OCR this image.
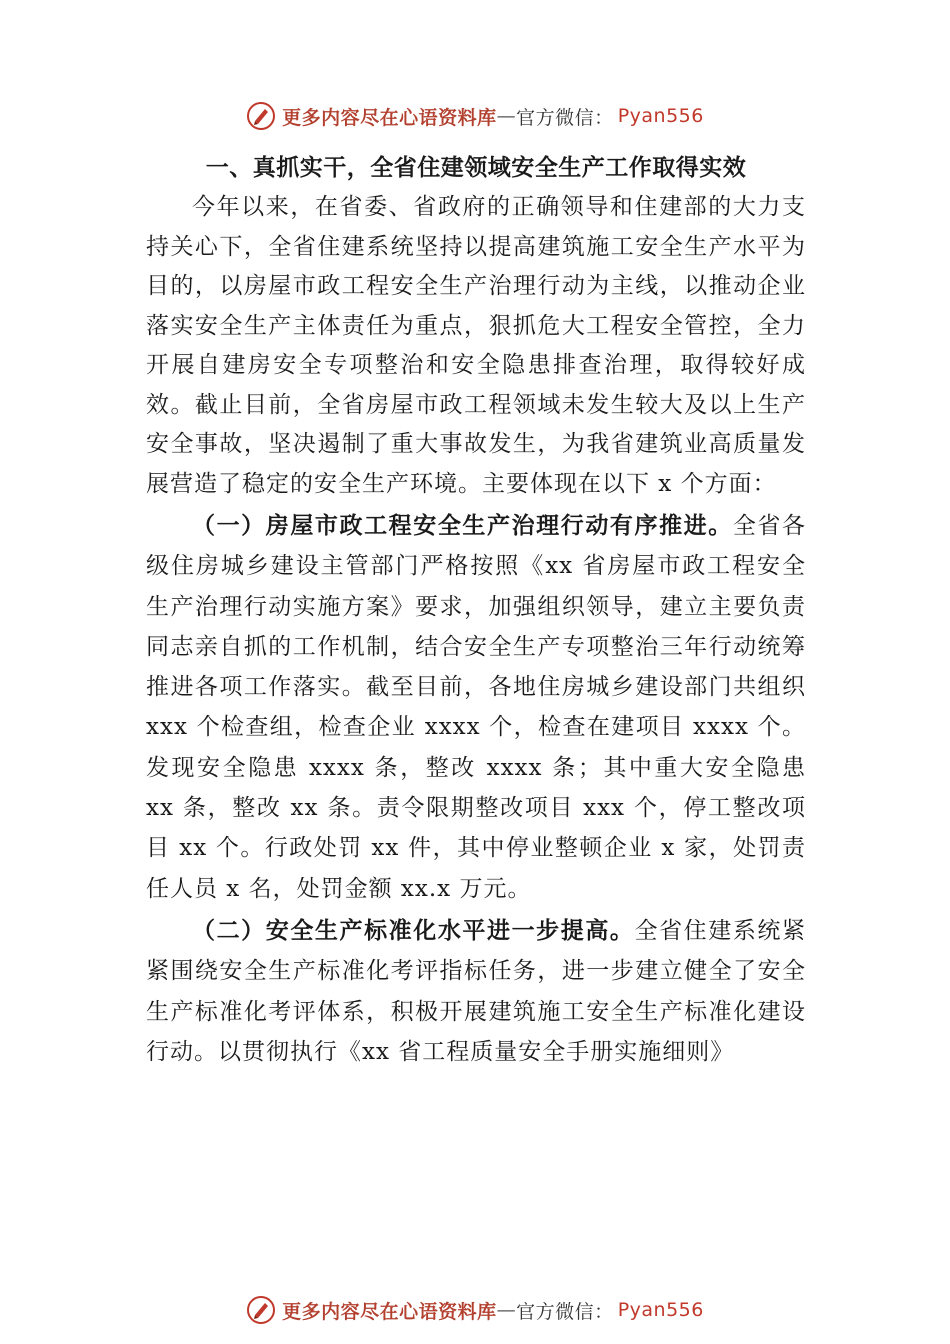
更多内容尽在心语资料库 — 官方微信： Pyan556
一、真抓实干，全省住建领域安全生产工作取得实效

今年以来，在省委、省政府的正确领导和住建部的大力支持关心下，全省住建系统坚持以提高建筑施工安全生产水平为目的，以房屋市政工程安全生产治理行动为主线，以推动企业落实安全生产主体责任为重点，狠抓危大工程安全管控，全力开展自建房安全专项整治和安全隐患排查治理，取得较好成效。截止目前，全省房屋市政工程领域未发生较大及以上生产安全事故，坚决遏制了重大事故发生，为我省建筑业高质量发展营造了稳定的安全生产环境。主要体现在以下 x 个方面：

（一）房屋市政工程安全生产治理行动有序推进。全省各级住房城乡建设主管部门严格按照《xx 省房屋市政工程安全生产治理行动实施方案》要求，加强组织领导，建立主要负责同志亲自抓的工作机制，结合安全生产专项整治三年行动统筹推进各项工作落实。截至目前，各地住房城乡建设部门共组织 xxx 个检查组，检查企业 xxxx 个，检查在建项目 xxxx 个。发现安全隐患 xxxx 条，整改 xxxx 条；其中重大安全隐患 xx 条，整改 xx 条。责令限期整改项目 xxx 个，停工整改项目 xx 个。行政处罚 xx 件，其中停业整顿企业 x 家，处罚责任人员 x 名，处罚金额 xx.x 万元。

（二）安全生产标准化水平进一步提高。全省住建系统紧紧围绕安全生产标准化考评指标任务，进一步建立健全了安全生产标准化考评体系，积极开展建筑施工安全生产标准化建设行动。以贯彻执行《xx 省工程质量安全手册实施细则》

更多内容尽在心语资料库 — 官方微信： Pyan556
